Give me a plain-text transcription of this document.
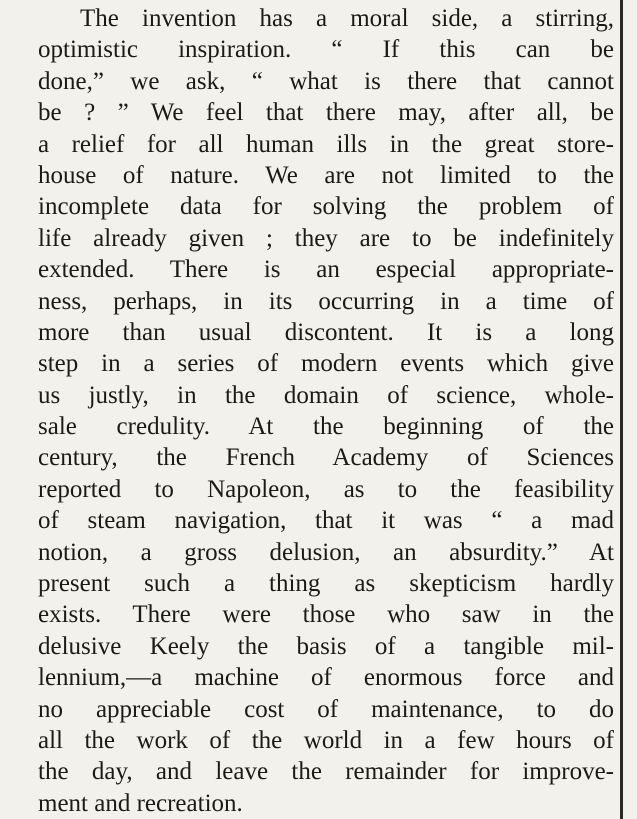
The invention has a moral side, a stirring,
optimistic inspiration. “ If this can be
done,” we ask, “ what is there that cannot
be ? ” We feel that there may, after all, be
a relief for all human ills in the great store-
house of nature. We are not limited to the
incomplete data for solving the problem of
life already given ; they are to be indefinitely
extended. There is an especial appropriate-
ness, perhaps, in its occurring in a time of
more than usual discontent. It is a long
step in a series of modern events which give
us justly, in the domain of science, whole-
sale credulity. At the beginning of the
century, the French Academy of Sciences
reported to Napoleon, as to the feasibility
of steam navigation, that it was “ a mad
notion, a gross delusion, an absurdity.” At
present such a thing as skepticism hardly
exists. There were those who saw in the
delusive Keely the basis of a tangible mil-
lennium,—a machine of enormous force and
no appreciable cost of maintenance, to do
all the work of the world in a few hours of
the day, and leave the remainder for improve-
ment and recreation.
